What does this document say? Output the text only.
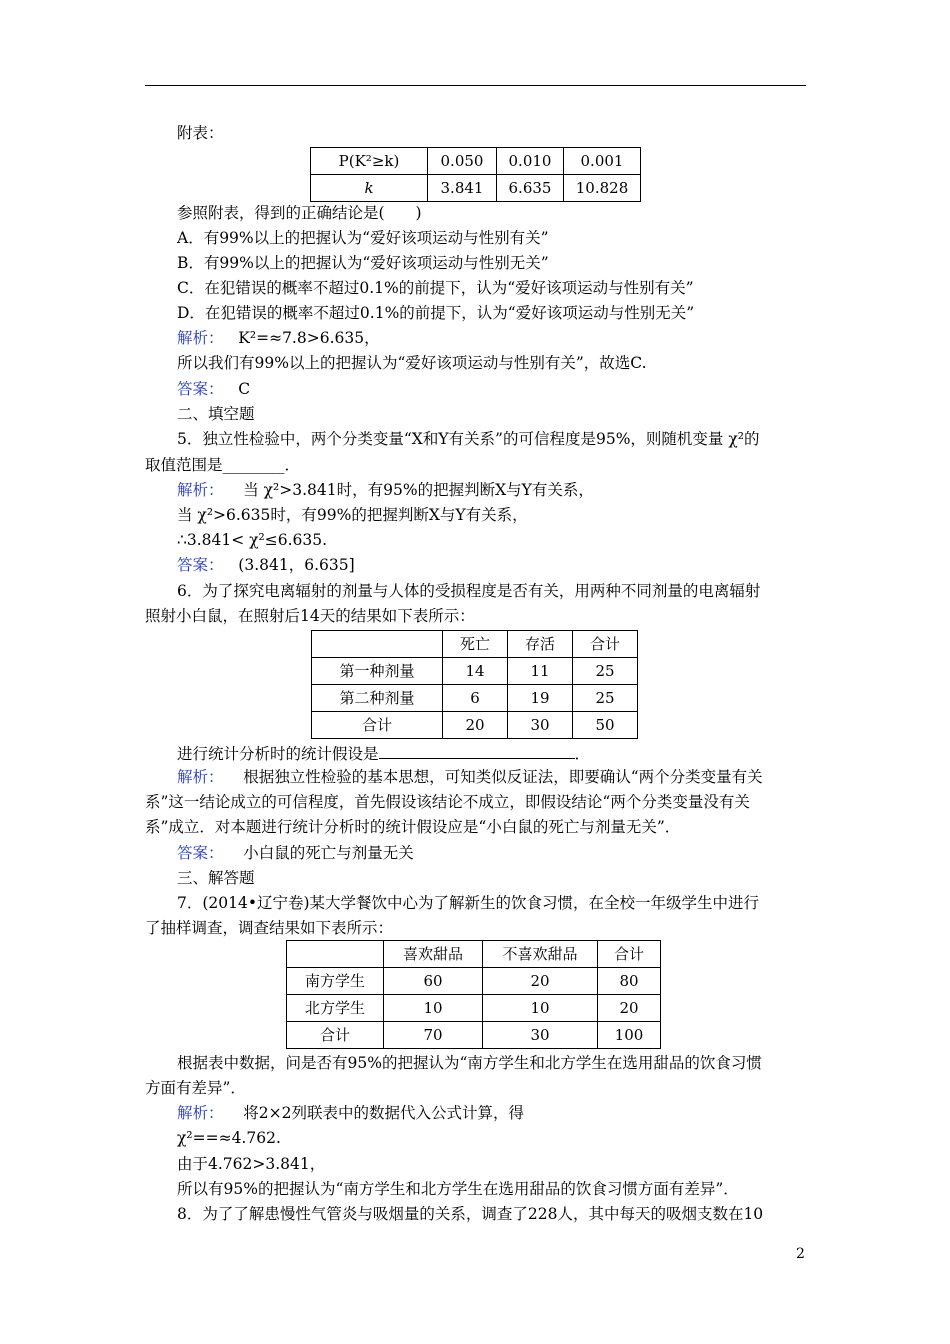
附表：
P(K²≥k)	0.050	0.010	0.001
k	3.841	6.635	10.828
参照附表，得到的正确结论是(　　)
A．有99%以上的把握认为“爱好该项运动与性别有关”
B．有99%以上的把握认为“爱好该项运动与性别无关”
C．在犯错误的概率不超过0.1%的前提下，认为“爱好该项运动与性别有关”
D．在犯错误的概率不超过0.1%的前提下，认为“爱好该项运动与性别无关”
解析： K²=≈7.8>6.635，
所以我们有99%以上的把握认为“爱好该项运动与性别有关”，故选C.
答案： C
二、填空题
5．独立性检验中，两个分类变量“X和Y有关系”的可信程度是95%，则随机变量 χ²的
取值范围是________．
解析： 当 χ²>3.841时，有95%的把握判断X与Y有关系，
当 χ²>6.635时，有99%的把握判断X与Y有关系，
∴3.841< χ²≤6.635.
答案： (3.841，6.635]
6．为了探究电离辐射的剂量与人体的受损程度是否有关，用两种不同剂量的电离辐射
照射小白鼠，在照射后14天的结果如下表所示：
	死亡	存活	合计
第一种剂量	14	11	25
第二种剂量	6	19	25
合计	20	30	50
进行统计分析时的统计假设是	．
解析： 根据独立性检验的基本思想，可知类似反证法，即要确认“两个分类变量有关
系”这一结论成立的可信程度，首先假设该结论不成立，即假设结论“两个分类变量没有关
系”成立．对本题进行统计分析时的统计假设应是“小白鼠的死亡与剂量无关”．
答案： 小白鼠的死亡与剂量无关
三、解答题
7．(2014•辽宁卷)某大学餐饮中心为了解新生的饮食习惯，在全校一年级学生中进行
了抽样调查，调查结果如下表所示：
	喜欢甜品	不喜欢甜品	合计
南方学生	60	20	80
北方学生	10	10	20
合计	70	30	100
根据表中数据，问是否有95%的把握认为“南方学生和北方学生在选用甜品的饮食习惯
方面有差异”．
解析： 将2×2列联表中的数据代入公式计算，得
χ²==≈4.762.
由于4.762>3.841，
所以有95%的把握认为“南方学生和北方学生在选用甜品的饮食习惯方面有差异”．
8．为了了解患慢性气管炎与吸烟量的关系，调查了228人，其中每天的吸烟支数在10
2
